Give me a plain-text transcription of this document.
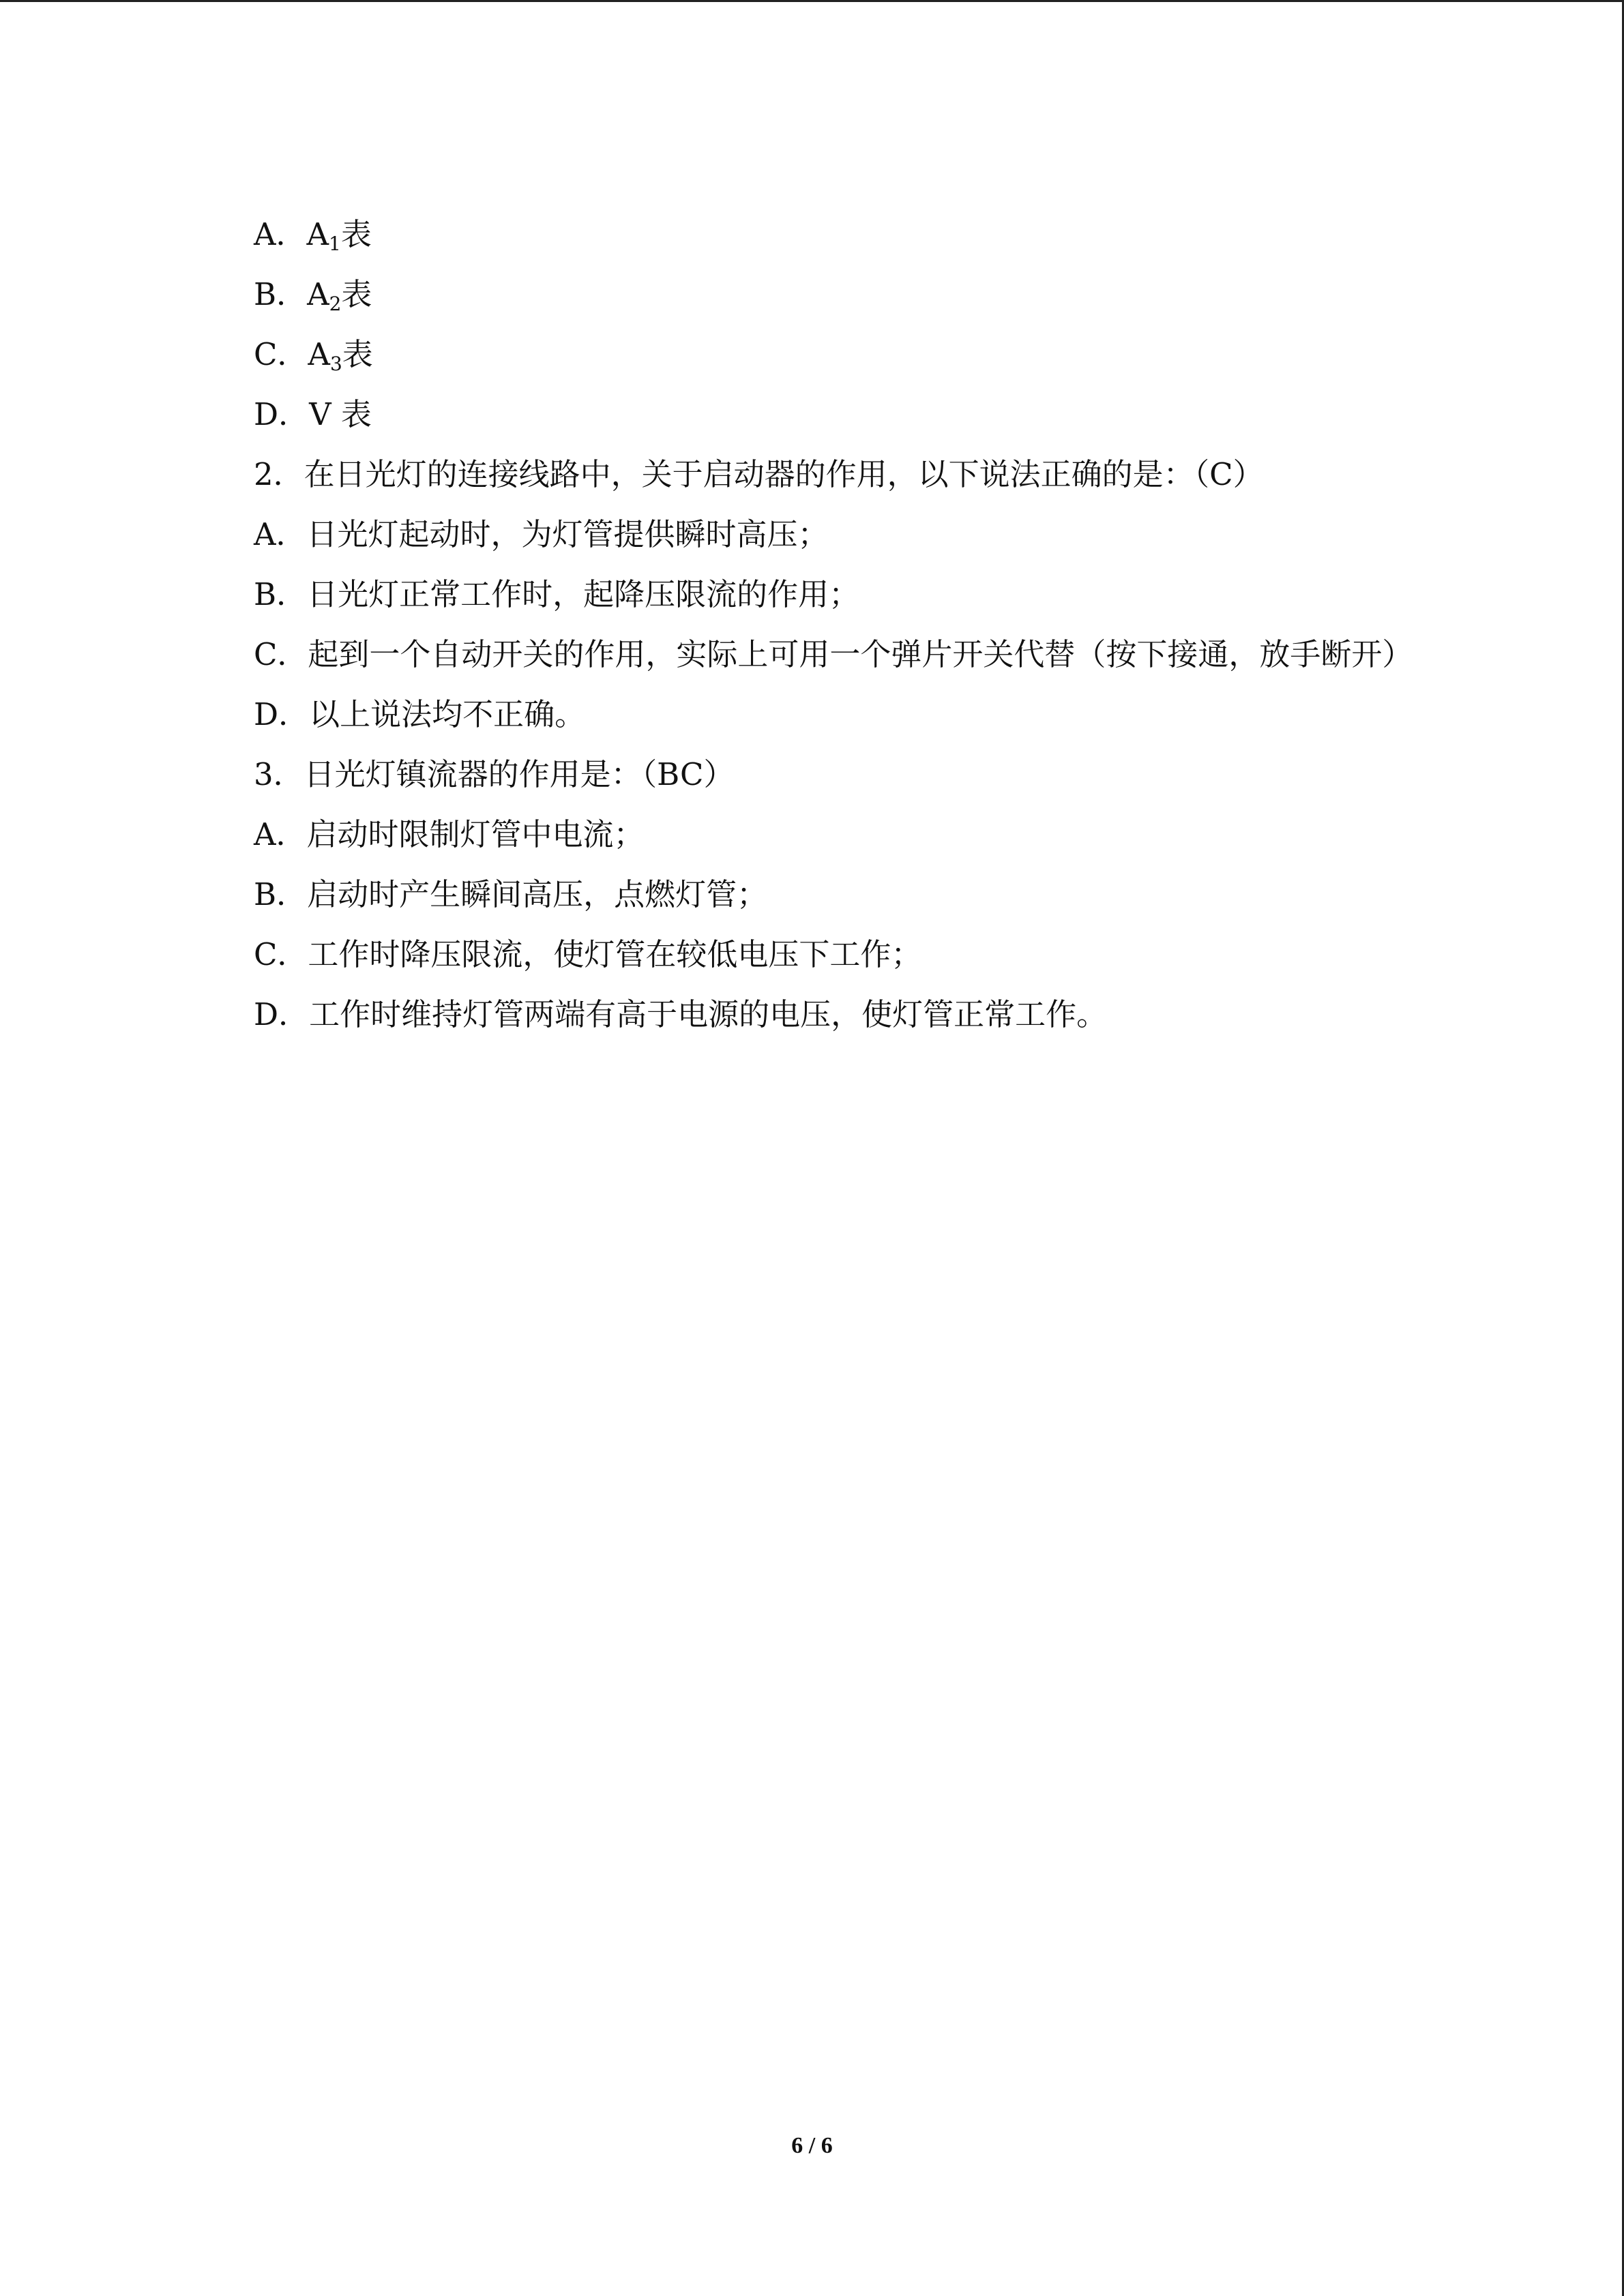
A．$A_1$表
B．$A_2$表
C．$A_3$表
D．V 表
2．在日光灯的连接线路中，关于启动器的作用，以下说法正确的是：（C）
A．日光灯起动时，为灯管提供瞬时高压；
B．日光灯正常工作时，起降压限流的作用；
C．起到一个自动开关的作用，实际上可用一个弹片开关代替（按下接通，放手断开）
D．以上说法均不正确。
3．日光灯镇流器的作用是：（BC）
A．启动时限制灯管中电流；
B．启动时产生瞬间高压，点燃灯管；
C．工作时降压限流，使灯管在较低电压下工作；
D．工作时维持灯管两端有高于电源的电压，使灯管正常工作。
6 / 6
